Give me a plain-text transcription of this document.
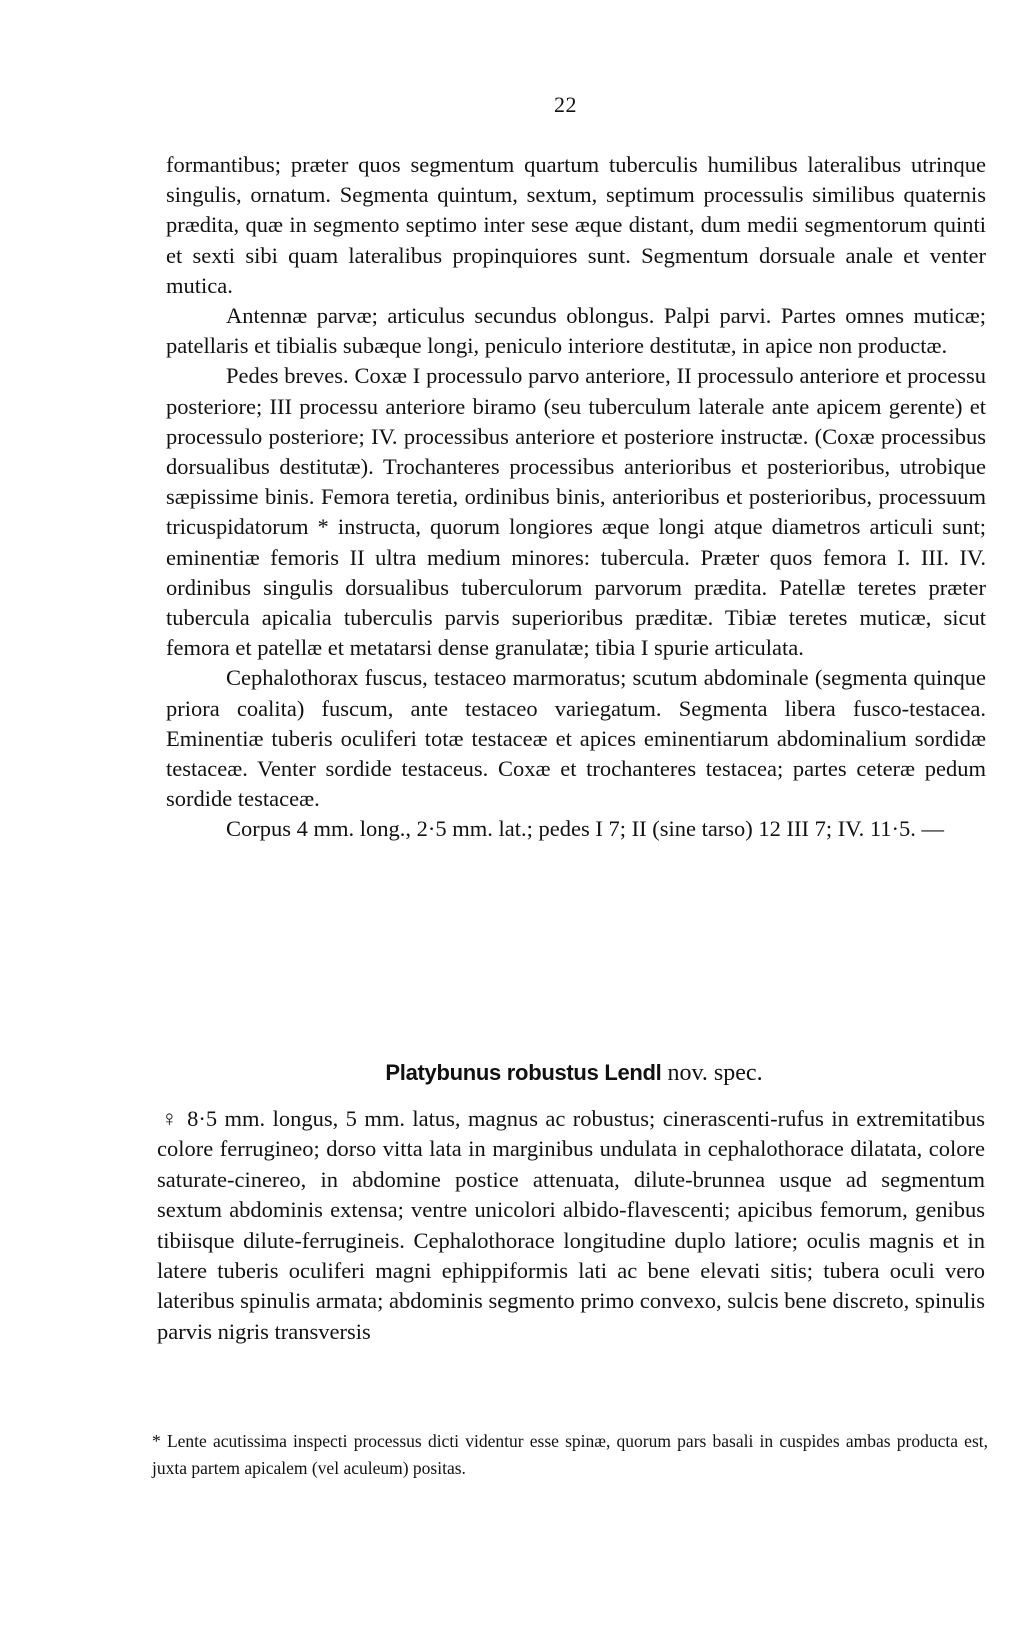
22

formantibus; præter quos segmentum quartum tuberculis humilibus lateralibus utrinque singulis, ornatum. Segmenta quintum, sextum, septimum processulis similibus quaternis prædita, quæ in segmento septimo inter sese æque distant, dum medii segmentorum quinti et sexti sibi quam lateralibus propinquiores sunt. Segmentum dorsuale anale et venter mutica.

Antennæ parvæ; articulus secundus oblongus. Palpi parvi. Partes omnes muticæ; patellaris et tibialis subæque longi, peniculo interiore destitutæ, in apice non productæ.

Pedes breves. Coxæ I processulo parvo anteriore, II processulo anteriore et processu posteriore; III processu anteriore biramo (seu tuberculum laterale ante apicem gerente) et processulo posteriore; IV. processibus anteriore et posteriore instructæ. (Coxæ processibus dorsualibus destitutæ). Trochanteres processibus anterioribus et posterioribus, utrobique sæpissime binis. Femora teretia, ordinibus binis, anterioribus et posterioribus, processuum tricuspidatorum * instructa, quorum longiores æque longi atque diametros articuli sunt; eminentiæ femoris II ultra medium minores: tubercula. Præter quos femora I. III. IV. ordinibus singulis dorsualibus tuberculorum parvorum prædita. Patellæ teretes præter tubercula apicalia tuberculis parvis superioribus præditæ. Tibiæ teretes muticæ, sicut femora et patellæ et metatarsi dense granulatæ; tibia I spurie articulata.

Cephalothorax fuscus, testaceo marmoratus; scutum abdominale (segmenta quinque priora coalita) fuscum, ante testaceo variegatum. Segmenta libera fusco-testacea. Eminentiæ tuberis oculiferi totæ testaceæ et apices eminentiarum abdominalium sordidæ testaceæ. Venter sordide testaceus. Coxæ et trochanteres testacea; partes ceteræ pedum sordide testaceæ.

Corpus 4 mm. long., 2·5 mm. lat.; pedes I 7; II (sine tarso) 12 III 7; IV. 11·5. —

Platybunus robustus Lendl nov. spec.

♀ 8·5 mm. longus, 5 mm. latus, magnus ac robustus; cinerascenti-rufus in extremitatibus colore ferrugineo; dorso vitta lata in marginibus undulata in cephalothorace dilatata, colore saturate-cinereo, in abdomine postice attenuata, dilute-brunnea usque ad segmentum sextum abdominis extensa; ventre unicolori albido-flavescenti; apicibus femorum, genibus tibiisque dilute-ferrugineis. Cephalothorace longitudine duplo latiore; oculis magnis et in latere tuberis oculiferi magni ephippiformis lati ac bene elevati sitis; tubera oculi vero lateribus spinulis armata; abdominis segmento primo convexo, sulcis bene discreto, spinulis parvis nigris transversis

* Lente acutissima inspecti processus dicti videntur esse spinæ, quorum pars basali in cuspides ambas producta est, juxta partem apicalem (vel aculeum) positas.
